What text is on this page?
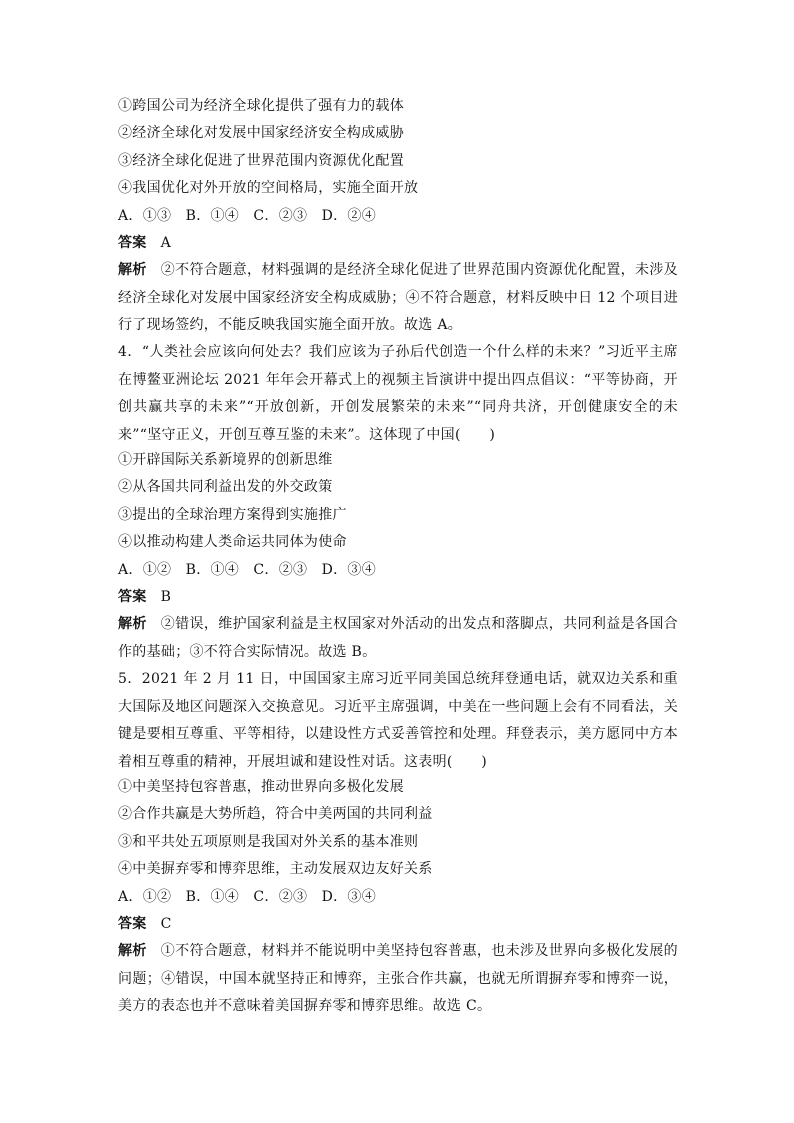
①跨国公司为经济全球化提供了强有力的载体
②经济全球化对发展中国家经济安全构成威胁
③经济全球化促进了世界范围内资源优化配置
④我国优化对外开放的空间格局，实施全面开放
A．①③　B．①④　C．②③　D．②④
答案 A
解析 ②不符合题意，材料强调的是经济全球化促进了世界范围内资源优化配置，未涉及经济全球化对发展中国家经济安全构成威胁；④不符合题意，材料反映中日 12 个项目进行了现场签约，不能反映我国实施全面开放。故选 A。
4．“人类社会应该向何处去？我们应该为子孙后代创造一个什么样的未来？”习近平主席在博鳌亚洲论坛 2021 年年会开幕式上的视频主旨演讲中提出四点倡议：“平等协商，开创共赢共享的未来”“开放创新，开创发展繁荣的未来”“同舟共济，开创健康安全的未来”“坚守正义，开创互尊互鉴的未来”。这体现了中国(　　)
①开辟国际关系新境界的创新思维
②从各国共同利益出发的外交政策
③提出的全球治理方案得到实施推广
④以推动构建人类命运共同体为使命
A．①②　B．①④　C．②③　D．③④
答案 B
解析 ②错误，维护国家利益是主权国家对外活动的出发点和落脚点，共同利益是各国合作的基础；③不符合实际情况。故选 B。
5．2021 年 2 月 11 日，中国国家主席习近平同美国总统拜登通电话，就双边关系和重大国际及地区问题深入交换意见。习近平主席强调，中美在一些问题上会有不同看法，关键是要相互尊重、平等相待，以建设性方式妥善管控和处理。拜登表示，美方愿同中方本着相互尊重的精神，开展坦诚和建设性对话。这表明(　　)
①中美坚持包容普惠，推动世界向多极化发展
②合作共赢是大势所趋，符合中美两国的共同利益
③和平共处五项原则是我国对外关系的基本准则
④中美摒弃零和博弈思维，主动发展双边友好关系
A．①②　B．①④　C．②③　D．③④
答案 C
解析 ①不符合题意，材料并不能说明中美坚持包容普惠，也未涉及世界向多极化发展的问题；④错误，中国本就坚持正和博弈，主张合作共赢，也就无所谓摒弃零和博弈一说，美方的表态也并不意味着美国摒弃零和博弈思维。故选 C。
